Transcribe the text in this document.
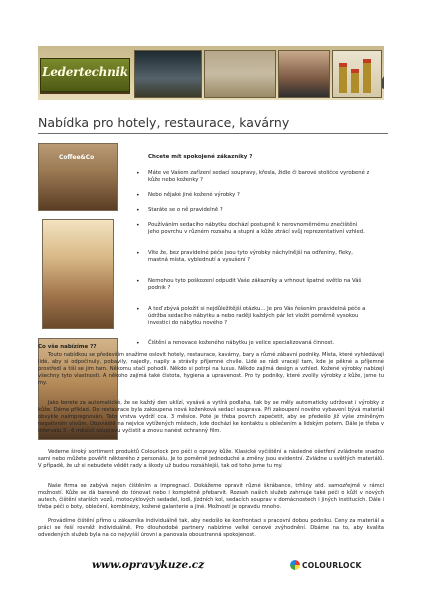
Ledertechnik
Nabídka pro hotely, restaurace, kavárny
Coffee&Co	Chcete mít spokojené zákazníky ?
• Máte ve Vašem zařízení sedací soupravy, křesla, židle či barové stoličce vyrobené z kůže nebo koženky ?
• Nebo nějaké jiné kožené výrobky ?
• Staráte se o ně pravidelně ?
• Používáním sedacího nábytku dochází postupně k nerovnoměrnému znečištění jeho povrchu v různém rozsahu a stupni a kůže ztrácí svůj reprezentativní vzhled.
• Víte že, bez pravidelné péče jsou tyto výrobky náchylnější na odřeniny, fleky, mastná místa, vyblednutí a vysušení ?
• Nemohou tyto poškození odpudit Vaše zákazníky a vrhnout špatné světlo na Váš podnik ?
• A teď zbývá položit si nejdůležitější otázku... Je pro Vás řešením pravidelná péče a údržba sedacího nábytku a nebo raději každých pár let vložit poměrně vysokou investici do nábytku nového ?
• Čištění a renovace koženého nábytku je velice specializovaná činnost.
Co vše nabízíme ??
Touto nabídkou se především snažíme oslovit hotely, restaurace, kavárny, bary a různé zábavní podniky. Místa, které vyhledávají lidé, aby si odpočinuly, pobavily, najedly, napily a strávily příjemné chvíle. Lidé se rádi vracejí tam, kde je pěkné a příjemné prostředí a tiší se jim tam. Někomu stačí pohodlí. Někdo si potrpí na luxus. Někdo zajímá design a vzhled. Kožené výrobky nabízejí všechny tyto vlastnosti. A někoho zajímá také čistota, hygiena a upravenost. Pro ty podniky, které zvolily výrobky z kůže, jsme tu my.
Jako berete za automatické, že se každý den uklízí, vysává a vytírá podlaha, tak by se měly automaticky udržovat i výrobky z kůže. Dáme příklad. Do restaurace byla zakoupena nová koženková sedací souprava. Při zakoupení nového vybavení bývá materiál obvykle naimpregnován. Tato vrstva vydrží cca. 3 měsíce. Poté je třeba povrch zapečetit, aby se předešlo již výše zmíněným negativním vlivům. Obzvláště na nejvíce vytížených místech, kde dochází ke kontaktu s oblečením a lidským potem. Dále je třeba v intervalu 3 - 6 měsíců soupravu vyčistit a znovu nanést ochranný film.
Vedeme široký sortiment produktů Colourlock pro péči o opravy kůže. Klasické vyčištění a následné ošetření zvládnete snadno sami nebo můžete pověřit některého z personálu. Je to poměrně jednoduché a změny jsou evidentní. Zvládne u světlých materiálů. V případě, že už si nebudete vědět rady a škody už budou rozsáhlejší, tak od toho jsme tu my.
Naše firma se zabývá nejen čištěním a impregnací. Dokážeme opravit různé škrábance, trhliny atd. samozřejmě v rámci možností. Kůže se dá barevně do tónovat nebo i kompletně přebarvit. Rozsah našich služeb zahrnuje také péči o kůži v nových autech, čištění starších vozů, motocyklových sedadel, lodí, jízdních kol, sedacích souprav v domácnostech i jiných institucích. Dále i třeba péči o boty, oblečení, kombinézy, kožené galanterie a jiné. Možností je opravdu mnoho.
Provádíme čištění přímo u zákazníka individuálně tak, aby nedošlo ke konfrontaci s pracovní dobou podniku. Ceny za materiál a práci se řeší rovněž individuálně. Pro dlouhodobé partnery nabízíme velké cenové zvýhodnění. Dbáme na to, aby kvalita odvedených služeb byla na co nejvyšší úrovni a panovala oboustranná spokojenost.
www.opravykuze.cz	COLOURLOCK
